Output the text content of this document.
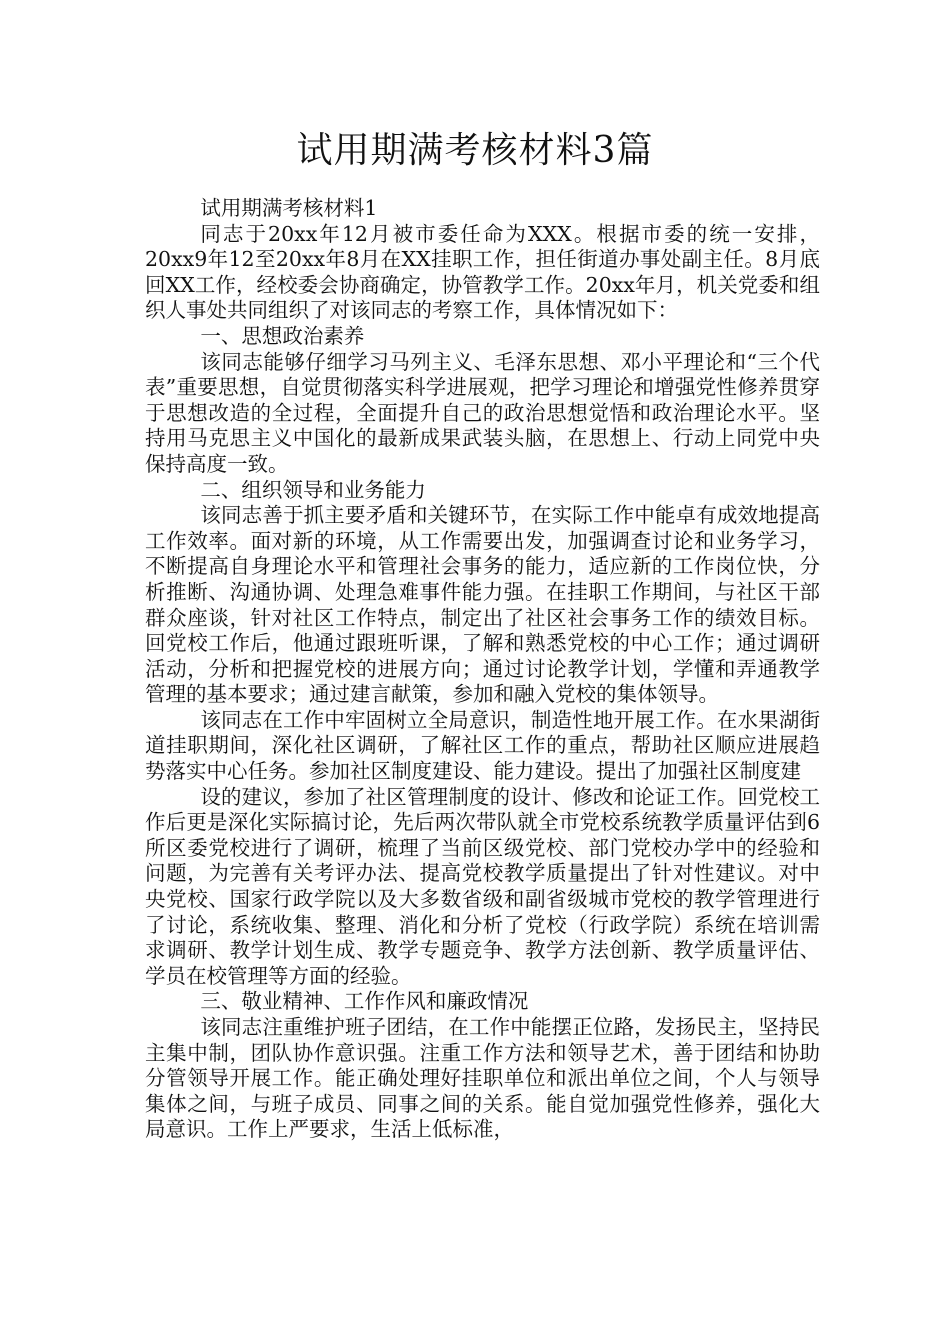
试用期满考核材料3篇

试用期满考核材料1

同志于20xx年12月被市委任命为XXX。根据市委的统一安排，20xx9年12至20xx年8月在XX挂职工作，担任街道办事处副主任。8月底回XX工作，经校委会协商确定，协管教学工作。20xx年月，机关党委和组织人事处共同组织了对该同志的考察工作，具体情况如下：

一、思想政治素养

该同志能够仔细学习马列主义、毛泽东思想、邓小平理论和“三个代表”重要思想，自觉贯彻落实科学进展观，把学习理论和增强党性修养贯穿于思想改造的全过程，全面提升自己的政治思想觉悟和政治理论水平。坚持用马克思主义中国化的最新成果武装头脑，在思想上、行动上同党中央保持高度一致。

二、组织领导和业务能力

该同志善于抓主要矛盾和关键环节，在实际工作中能卓有成效地提高工作效率。面对新的环境，从工作需要出发，加强调查讨论和业务学习，不断提高自身理论水平和管理社会事务的能力，适应新的工作岗位快，分析推断、沟通协调、处理急难事件能力强。在挂职工作期间，与社区干部群众座谈，针对社区工作特点，制定出了社区社会事务工作的绩效目标。回党校工作后，他通过跟班听课，了解和熟悉党校的中心工作；通过调研活动，分析和把握党校的进展方向；通过讨论教学计划，学懂和弄通教学管理的基本要求；通过建言献策，参加和融入党校的集体领导。

该同志在工作中牢固树立全局意识，制造性地开展工作。在水果湖街道挂职期间，深化社区调研，了解社区工作的重点，帮助社区顺应进展趋势落实中心任务。参加社区制度建设、能力建设。提出了加强社区制度建

设的建议，参加了社区管理制度的设计、修改和论证工作。回党校工作后更是深化实际搞讨论，先后两次带队就全市党校系统教学质量评估到6所区委党校进行了调研，梳理了当前区级党校、部门党校办学中的经验和问题，为完善有关考评办法、提高党校教学质量提出了针对性建议。对中央党校、国家行政学院以及大多数省级和副省级城市党校的教学管理进行了讨论，系统收集、整理、消化和分析了党校（行政学院）系统在培训需求调研、教学计划生成、教学专题竞争、教学方法创新、教学质量评估、学员在校管理等方面的经验。

三、敬业精神、工作作风和廉政情况

该同志注重维护班子团结，在工作中能摆正位路，发扬民主，坚持民主集中制，团队协作意识强。注重工作方法和领导艺术，善于团结和协助分管领导开展工作。能正确处理好挂职单位和派出单位之间，个人与领导集体之间，与班子成员、同事之间的关系。能自觉加强党性修养，强化大局意识。工作上严要求，生活上低标准，
